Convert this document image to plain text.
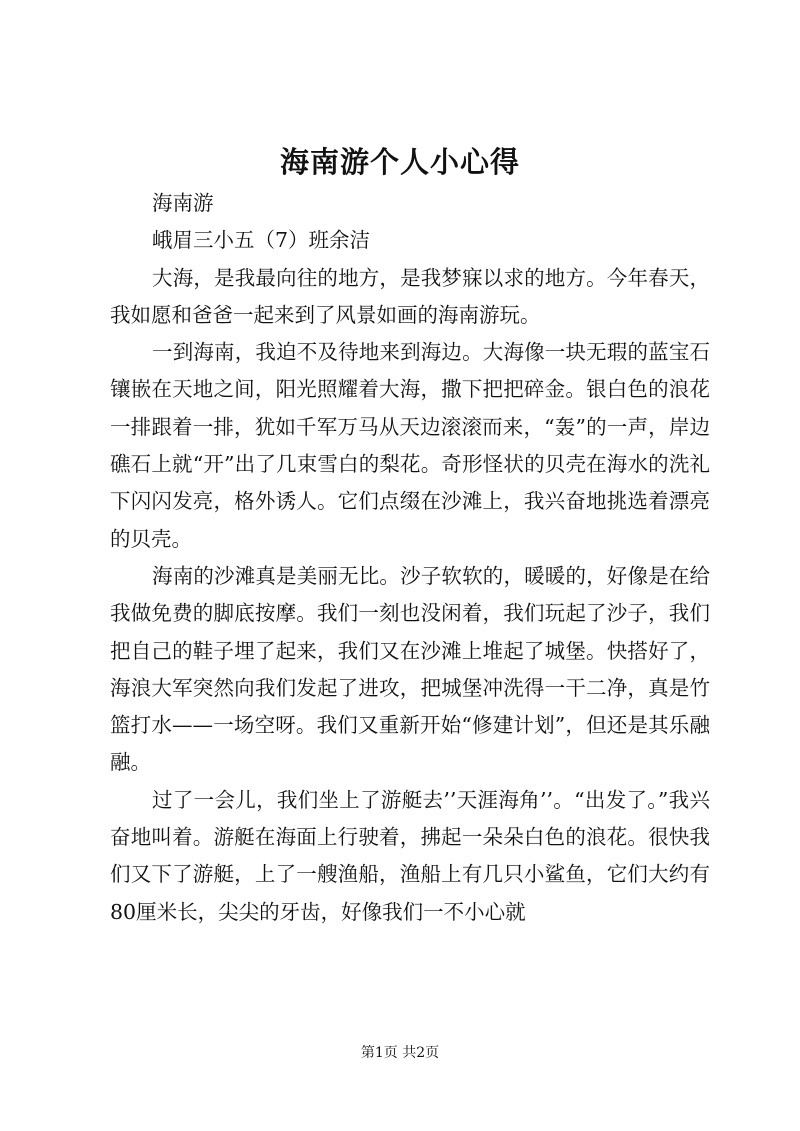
海南游个人小心得

海南游

峨眉三小五（7）班余洁

大海，是我最向往的地方，是我梦寐以求的地方。今年春天，我如愿和爸爸一起来到了风景如画的海南游玩。

一到海南，我迫不及待地来到海边。大海像一块无瑕的蓝宝石镶嵌在天地之间，阳光照耀着大海，撒下把把碎金。银白色的浪花一排跟着一排，犹如千军万马从天边滚滚而来，“轰”的一声，岸边礁石上就“开”出了几束雪白的梨花。奇形怪状的贝壳在海水的洗礼下闪闪发亮，格外诱人。它们点缀在沙滩上，我兴奋地挑选着漂亮的贝壳。

海南的沙滩真是美丽无比。沙子软软的，暖暖的，好像是在给我做免费的脚底按摩。我们一刻也没闲着，我们玩起了沙子，我们把自己的鞋子埋了起来，我们又在沙滩上堆起了城堡。快搭好了，海浪大军突然向我们发起了进攻，把城堡冲洗得一干二净，真是竹篮打水——一场空呀。我们又重新开始“修建计划”，但还是其乐融融。

过了一会儿，我们坐上了游艇去’’天涯海角’’。“出发了。”我兴奋地叫着。游艇在海面上行驶着，拂起一朵朵白色的浪花。很快我们又下了游艇，上了一艘渔船，渔船上有几只小鲨鱼，它们大约有80厘米长，尖尖的牙齿，好像我们一不小心就

第1页 共2页
